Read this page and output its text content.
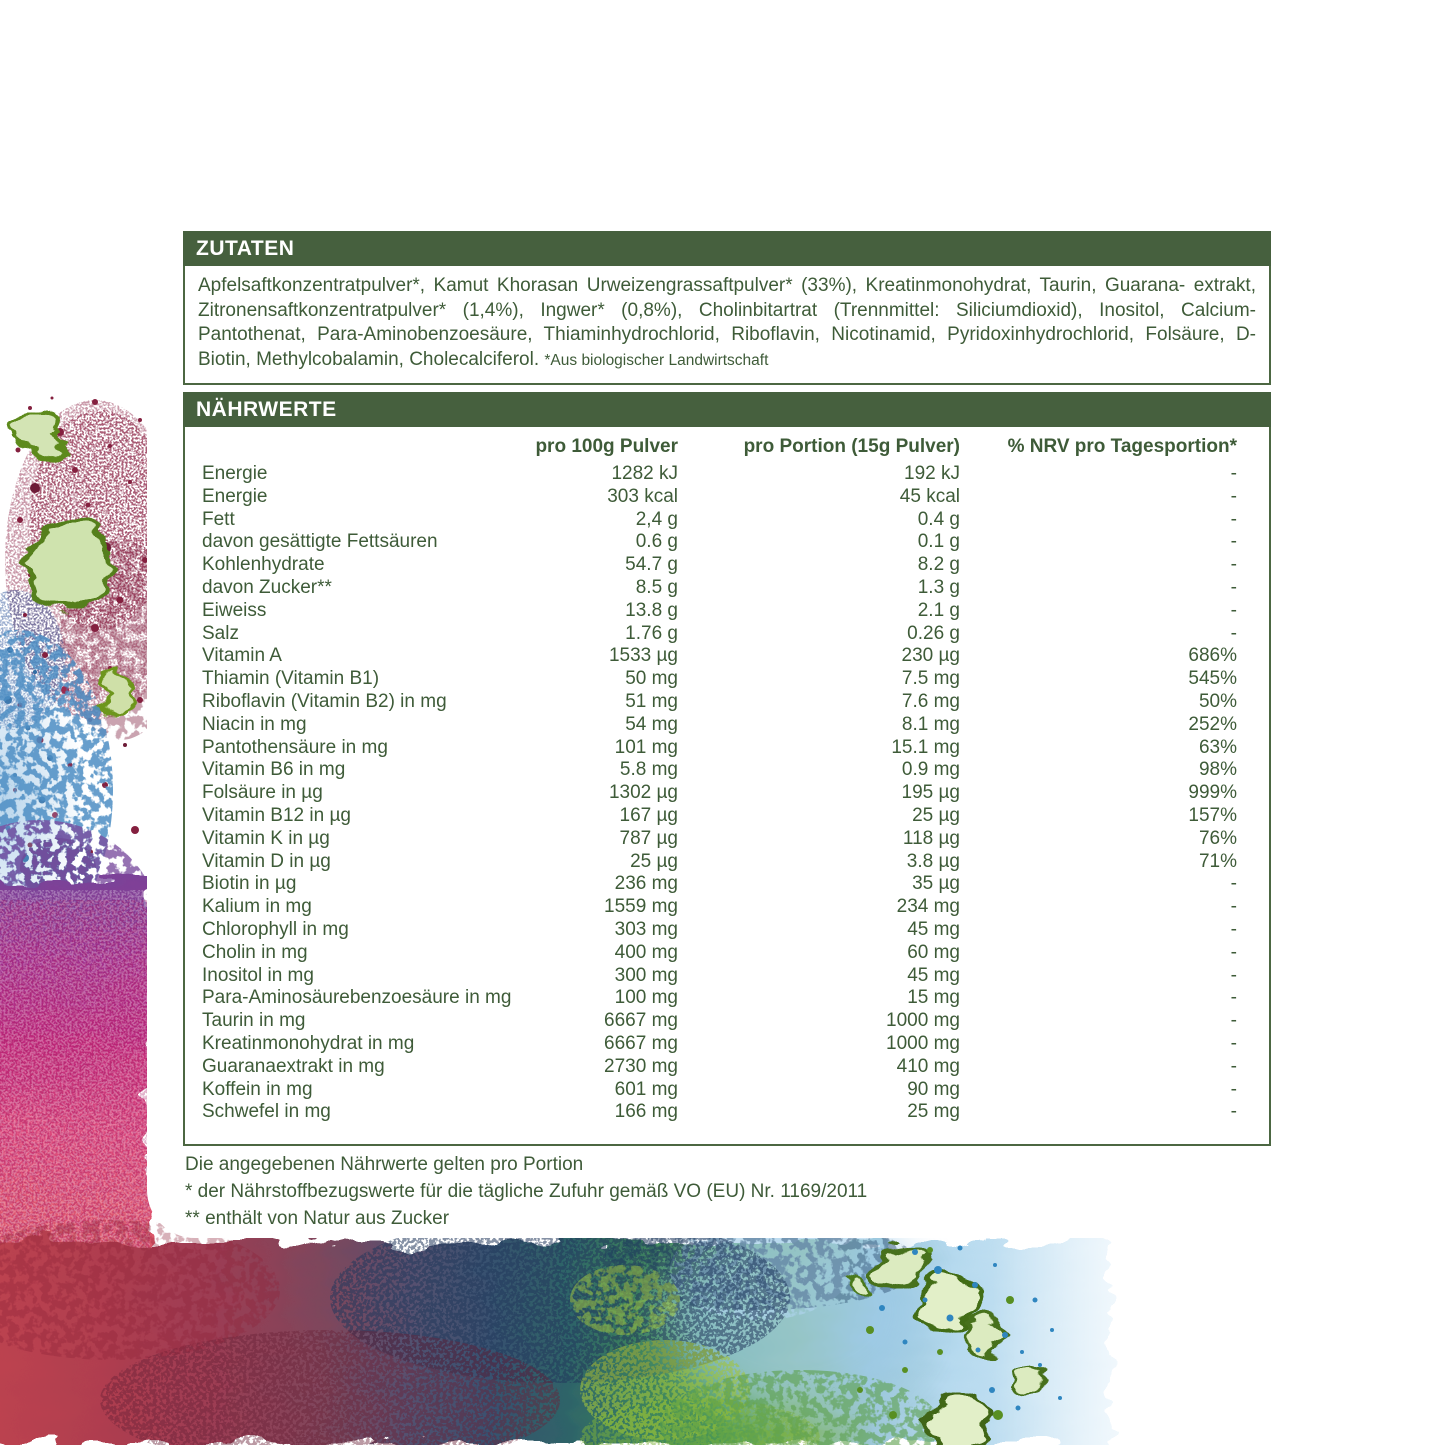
ZUTATEN
Apfelsaftkonzentratpulver*, Kamut Khorasan Urweizengrassaftpulver* (33%), Kreatinmonohydrat, Taurin, Guarana- extrakt, Zitronensaftkonzentratpulver* (1,4%), Ingwer* (0,8%), Cholinbitartrat (Trennmittel: Siliciumdioxid), Inositol, Calcium-Pantothenat, Para-Aminobenzoesäure, Thiaminhydrochlorid, Riboflavin, Nicotinamid, Pyridoxinhydrochlorid, Folsäure, D-Biotin, Methylcobalamin, Cholecalciferol. *Aus biologischer Landwirtschaft
NÄHRWERTE
pro 100g Pulver	pro Portion (15g Pulver)	% NRV pro Tagesportion*
Energie	1282 kJ	192 kJ	-
Energie	303 kcal	45 kcal	-
Fett	2,4 g	0.4 g	-
davon gesättigte Fettsäuren	0.6 g	0.1 g	-
Kohlenhydrate	54.7 g	8.2 g	-
davon Zucker**	8.5 g	1.3 g	-
Eiweiss	13.8 g	2.1 g	-
Salz	1.76 g	0.26 g	-
Vitamin A	1533 µg	230 µg	686%
Thiamin (Vitamin B1)	50 mg	7.5 mg	545%
Riboflavin (Vitamin B2) in mg	51 mg	7.6 mg	50%
Niacin in mg	54 mg	8.1 mg	252%
Pantothensäure in mg	101 mg	15.1 mg	63%
Vitamin B6 in mg	5.8 mg	0.9 mg	98%
Folsäure in µg	1302 µg	195 µg	999%
Vitamin B12 in µg	167 µg	25 µg	157%
Vitamin K in µg	787 µg	118 µg	76%
Vitamin D in µg	25 µg	3.8 µg	71%
Biotin in µg	236 mg	35 µg	-
Kalium in mg	1559 mg	234 mg	-
Chlorophyll in mg	303 mg	45 mg	-
Cholin in mg	400 mg	60 mg	-
Inositol in mg	300 mg	45 mg	-
Para-Aminosäurebenzoesäure in mg	100 mg	15 mg	-
Taurin in mg	6667 mg	1000 mg	-
Kreatinmonohydrat in mg	6667 mg	1000 mg	-
Guaranaextrakt in mg	2730 mg	410 mg	-
Koffein in mg	601 mg	90 mg	-
Schwefel in mg	166 mg	25 mg	-
Die angegebenen Nährwerte gelten pro Portion
* der Nährstoffbezugswerte für die tägliche Zufuhr gemäß VO (EU) Nr. 1169/2011
** enthält von Natur aus Zucker
